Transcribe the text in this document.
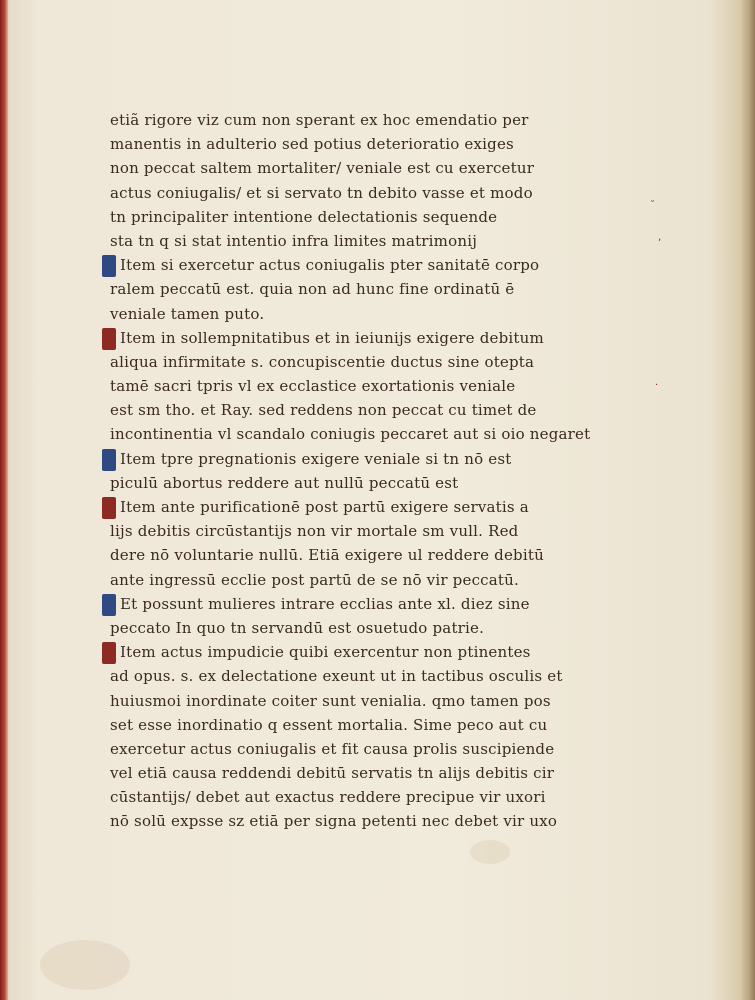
˘
,
·
etiã rigore viz cum non sperant ex hoc emendatio per
manentis in adulterio sed potius deterioratio exiges
non peccat saltem mortaliter/ veniale est cu exercetur
actus coniugalis/ et si servato tn debito vasse et modo
tn principaliter intentione delectationis sequende
sta tn q si stat intentio infra limites matrimonij
Item si exercetur actus coniugalis pter sanitatē corpo
ralem peccatū est. quia non ad hunc fine ordinatū ē
veniale tamen puto.
Item in sollempnitatibus et in ieiunijs exigere debitum
aliqua infirmitate s. concupiscentie ductus sine otepta
tamē sacri tpris vl ex ecclastice exortationis veniale
est sm tho. et Ray. sed reddens non peccat cu timet de
incontinentia vl scandalo coniugis peccaret aut si oio negaret
Item tpre pregnationis exigere veniale si tn nō est
piculū abortus reddere aut nullū peccatū est
Item ante purificationē post partū exigere servatis a
lijs debitis circūstantijs non vir mortale sm vull. Red
dere nō voluntarie nullū. Etiā exigere ul reddere debitū
ante ingressū ecclie post partū de se nō vir peccatū.
Et possunt mulieres intrare ecclias ante xl. diez sine
peccato In quo tn servandū est osuetudo patrie.
Item actus impudicie quibi exercentur non ptinentes
ad opus. s. ex delectatione exeunt ut in tactibus osculis et
huiusmoi inordinate coiter sunt venialia. qmo tamen pos
set esse inordinatio q essent mortalia. Sime peco aut cu
exercetur actus coniugalis et fit causa prolis suscipiende
vel etiā causa reddendi debitū servatis tn alijs debitis cir
cūstantijs/ debet aut exactus reddere precipue vir uxori
nō solū expsse sz etiā per signa petenti nec debet vir uxo
